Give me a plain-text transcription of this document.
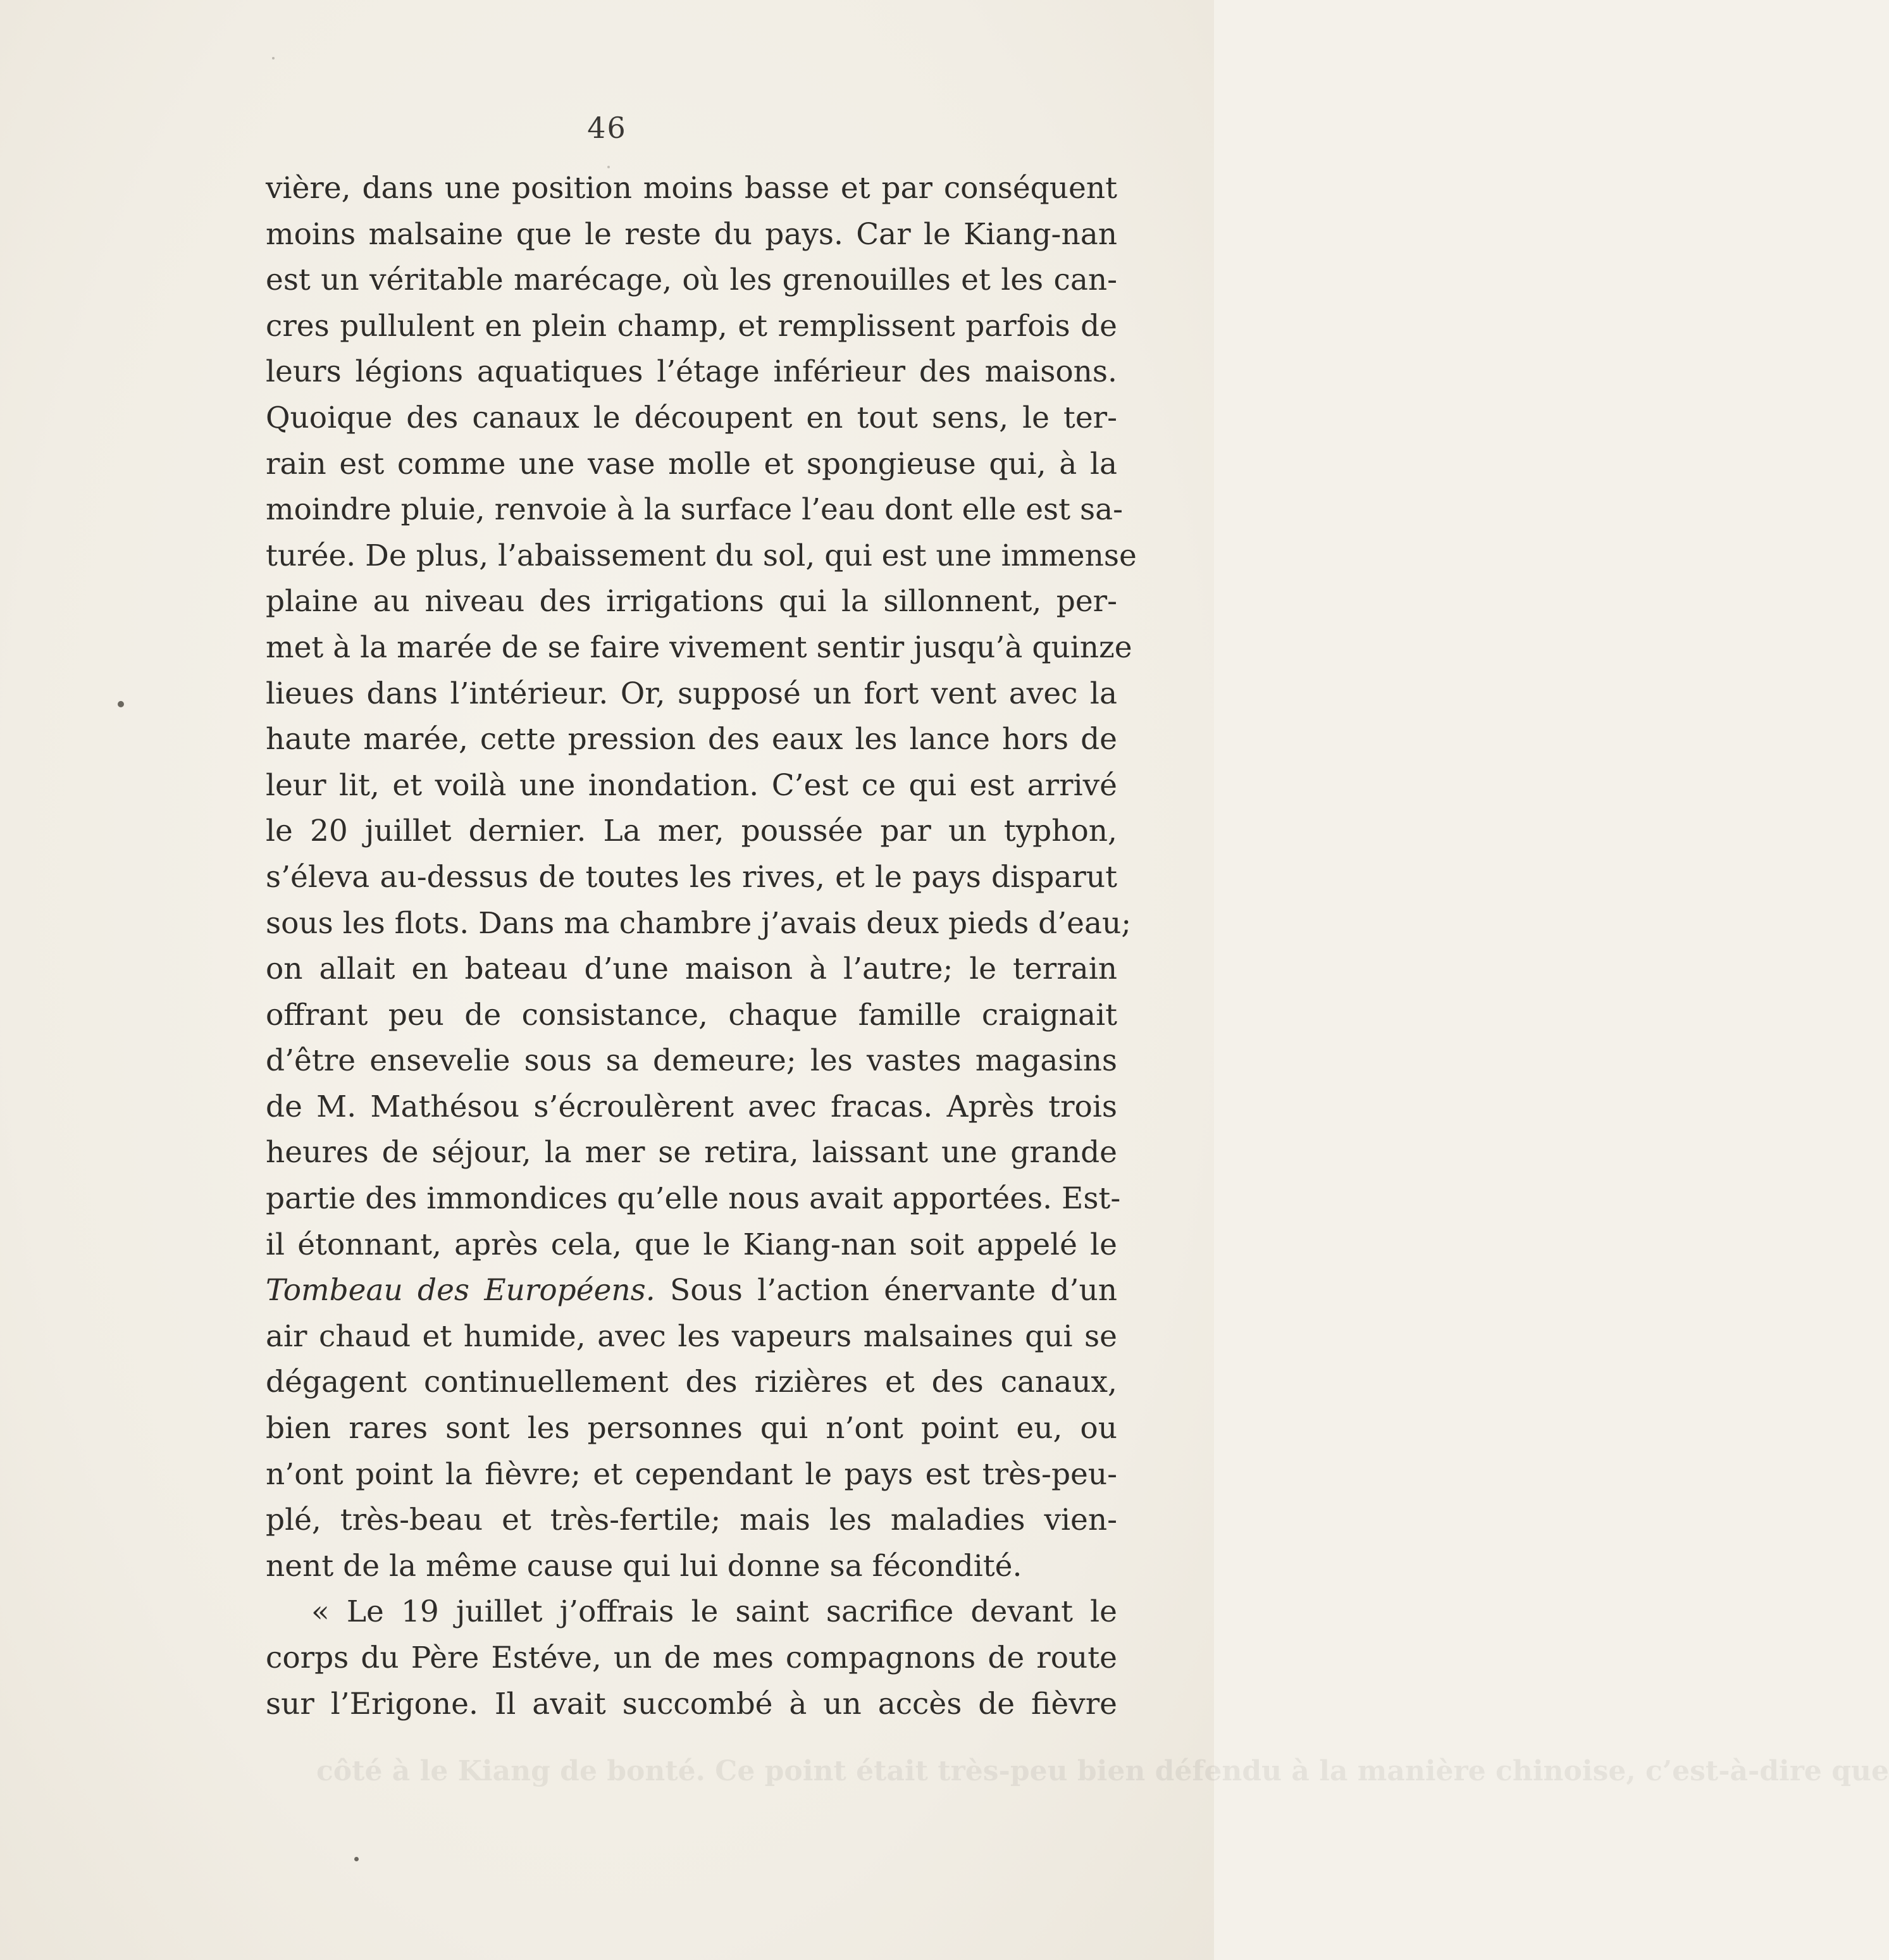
46
vière, dans une position moins basse et par conséquent
moins malsaine que le reste du pays. Car le Kiang-nan
est un véritable marécage, où les grenouilles et les can-
cres pullulent en plein champ, et remplissent parfois de
leurs légions aquatiques l’étage inférieur des maisons.
Quoique des canaux le découpent en tout sens, le ter-
rain est comme une vase molle et spongieuse qui, à la
moindre pluie, renvoie à la surface l’eau dont elle est sa-
turée. De plus, l’abaissement du sol, qui est une immense
plaine au niveau des irrigations qui la sillonnent, per-
met à la marée de se faire vivement sentir jusqu’à quinze
lieues dans l’intérieur. Or, supposé un fort vent avec la
haute marée, cette pression des eaux les lance hors de
leur lit, et voilà une inondation. C’est ce qui est arrivé
le 20 juillet dernier. La mer, poussée par un typhon,
s’éleva au-dessus de toutes les rives, et le pays disparut
sous les flots. Dans ma chambre j’avais deux pieds d’eau;
on allait en bateau d’une maison à l’autre; le terrain
offrant peu de consistance, chaque famille craignait
d’être ensevelie sous sa demeure; les vastes magasins
de M. Mathésou s’écroulèrent avec fracas. Après trois
heures de séjour, la mer se retira, laissant une grande
partie des immondices qu’elle nous avait apportées. Est-
il étonnant, après cela, que le Kiang-nan soit appelé le
Tombeau des Européens. Sous l’action énervante d’un
air chaud et humide, avec les vapeurs malsaines qui se
dégagent continuellement des rizières et des canaux,
bien rares sont les personnes qui n’ont point eu, ou
n’ont point la fièvre; et cependant le pays est très-peu-
plé, très-beau et très-fertile; mais les maladies vien-
nent de la même cause qui lui donne sa fécondité.
« Le 19 juillet j’offrais le saint sacrifice devant le
corps du Père Estéve, un de mes compagnons de route
sur l’Erigone. Il avait succombé à un accès de fièvre
côté à le Kiang de bonté. Ce point était très-peu bien défendu à la manière chinoise, c’est-à-dire que
